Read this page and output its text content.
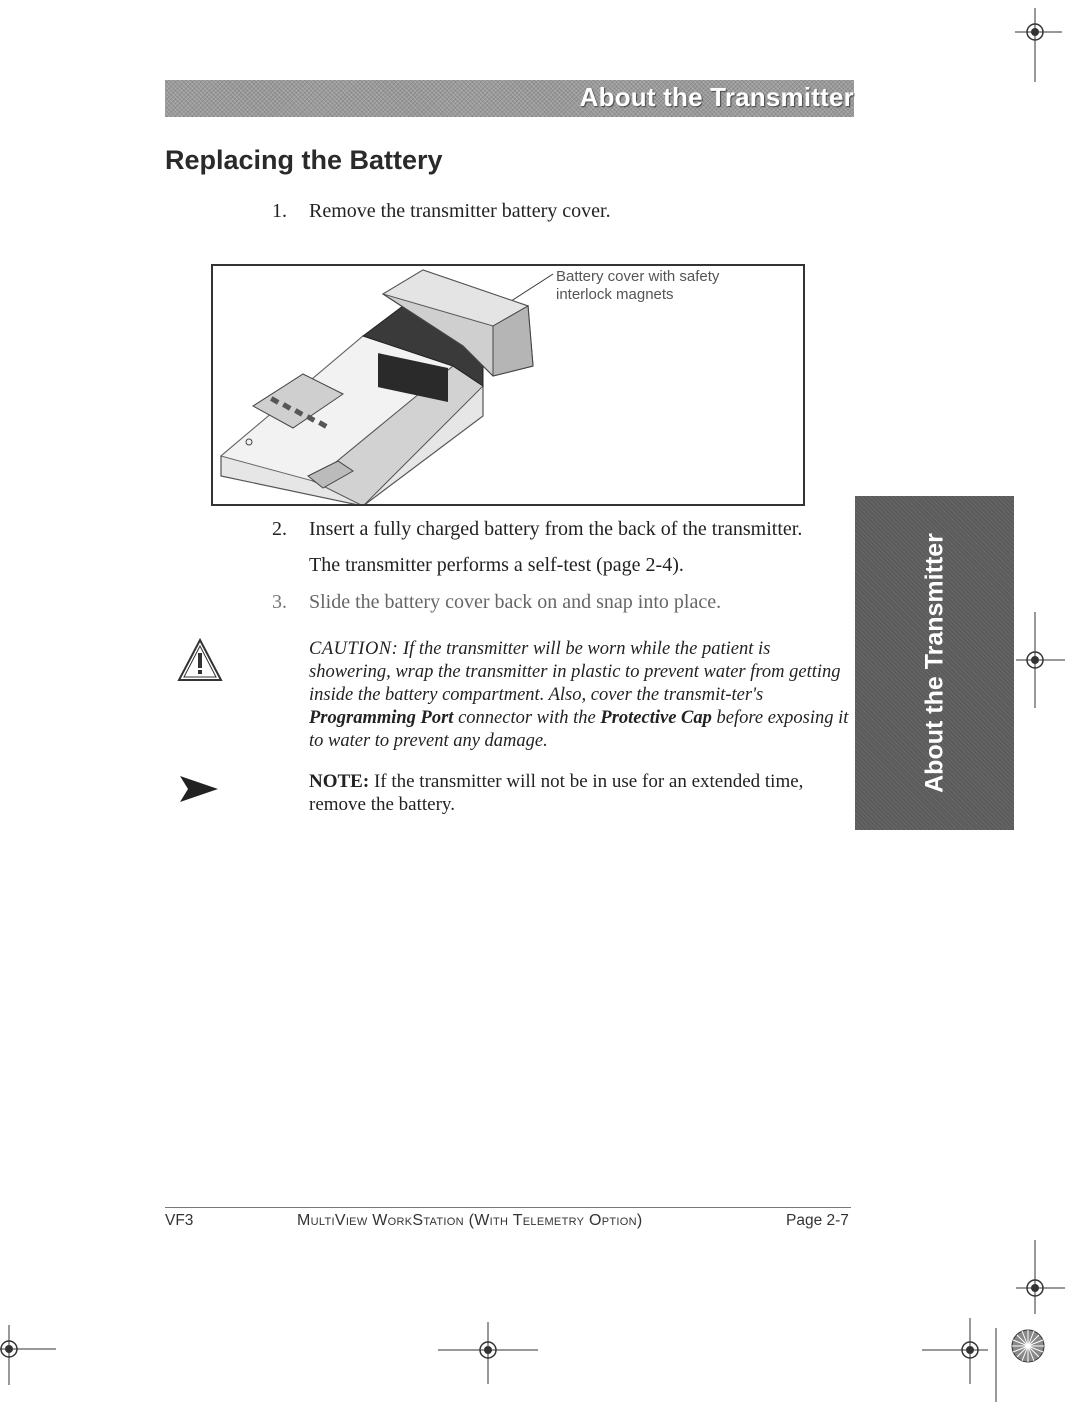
About the Transmitter
Replacing the Battery
1. Remove the transmitter battery cover.
Battery cover with safety
interlock magnets
2. Insert a fully charged battery from the back of the transmitter.
The transmitter performs a self-test (page 2-4).
3. Slide the battery cover back on and snap into place.
CAUTION: If the transmitter will be worn while the patient is showering, wrap the transmitter in plastic to prevent water from getting inside the battery compartment. Also, cover the transmit-ter's Programming Port connector with the Protective Cap before exposing it to water to prevent any damage.
NOTE: If the transmitter will not be in use for an extended time, remove the battery.
About the Transmitter
VF3	MultiView WorkStation (With Telemetry Option)	Page 2-7
